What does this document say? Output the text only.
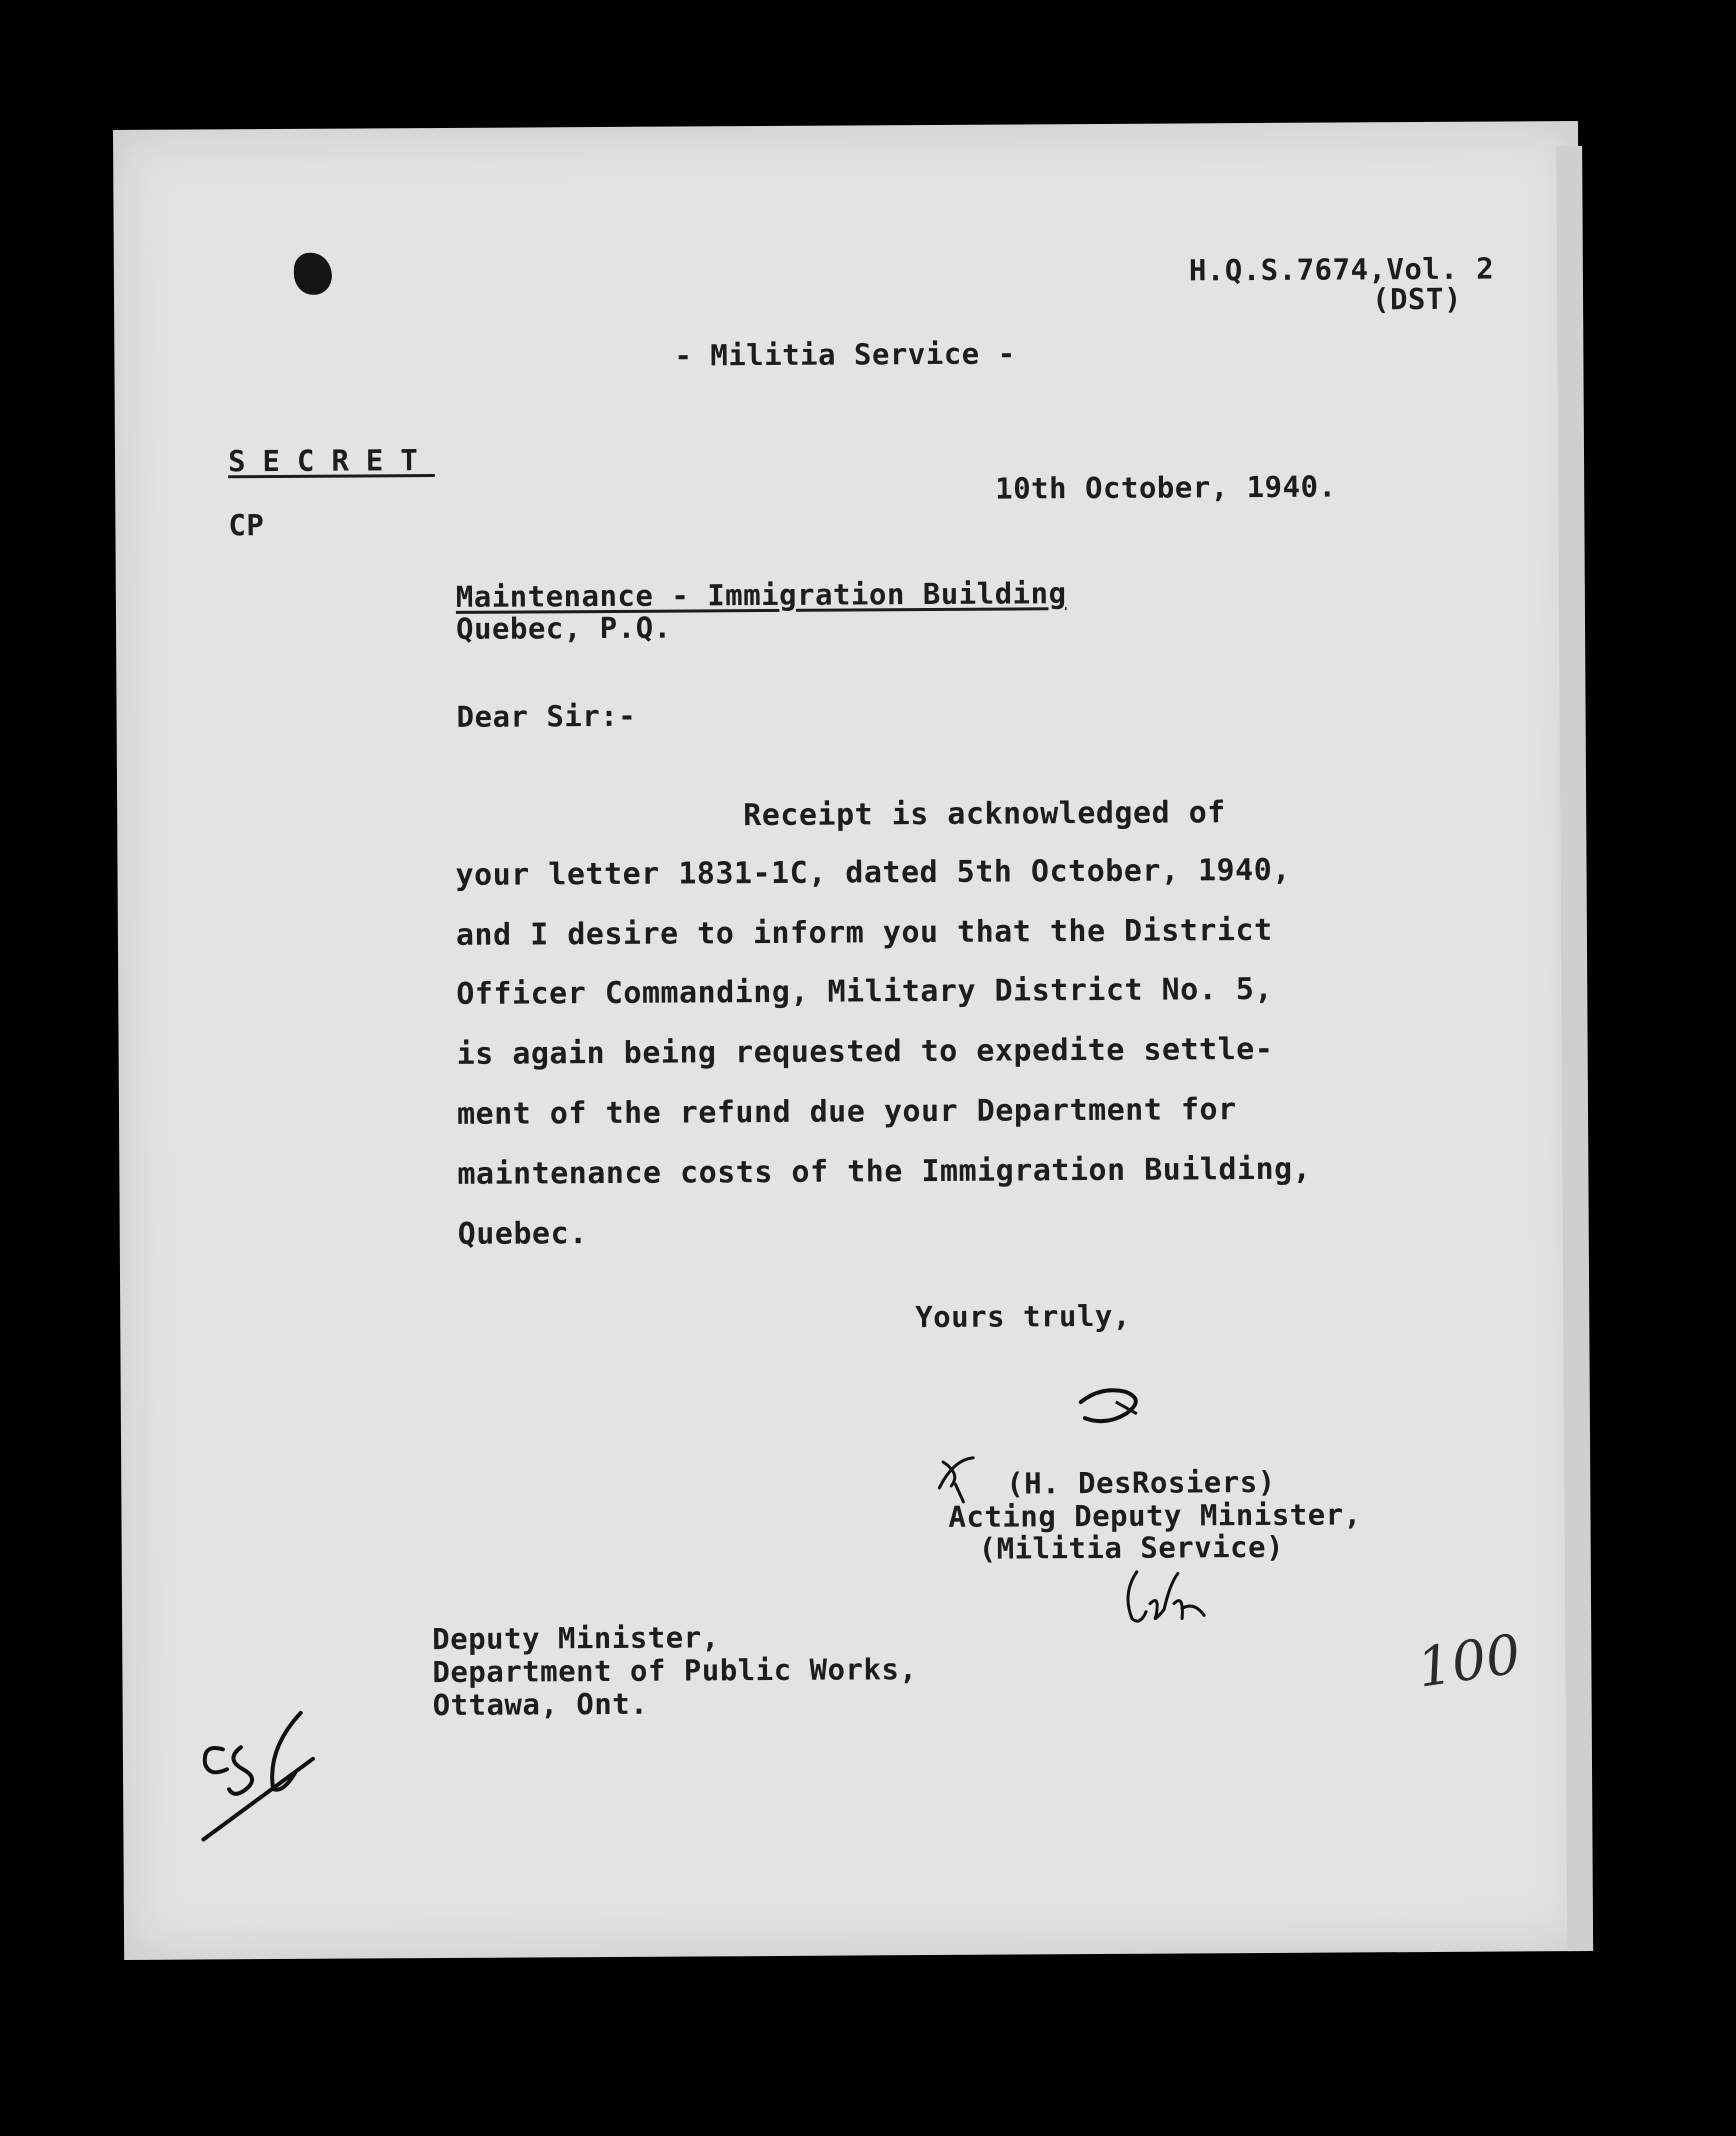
H.Q.S.7674,Vol. 2
(DST)
- Militia Service -
SECRET
CP
10th October, 1940.
Maintenance - Immigration Building
Quebec, P.Q.
Dear Sir:-
Receipt is acknowledged of
your letter 1831-1C, dated 5th October, 1940,
and I desire to inform you that the District
Officer Commanding, Military District No. 5,
is again being requested to expedite settle-
ment of the refund due your Department for
maintenance costs of the Immigration Building,
Quebec.
Yours truly,
(H. DesRosiers)
Acting Deputy Minister,
(Militia Service)
Deputy Minister,
Department of Public Works,
Ottawa, Ont.
100
